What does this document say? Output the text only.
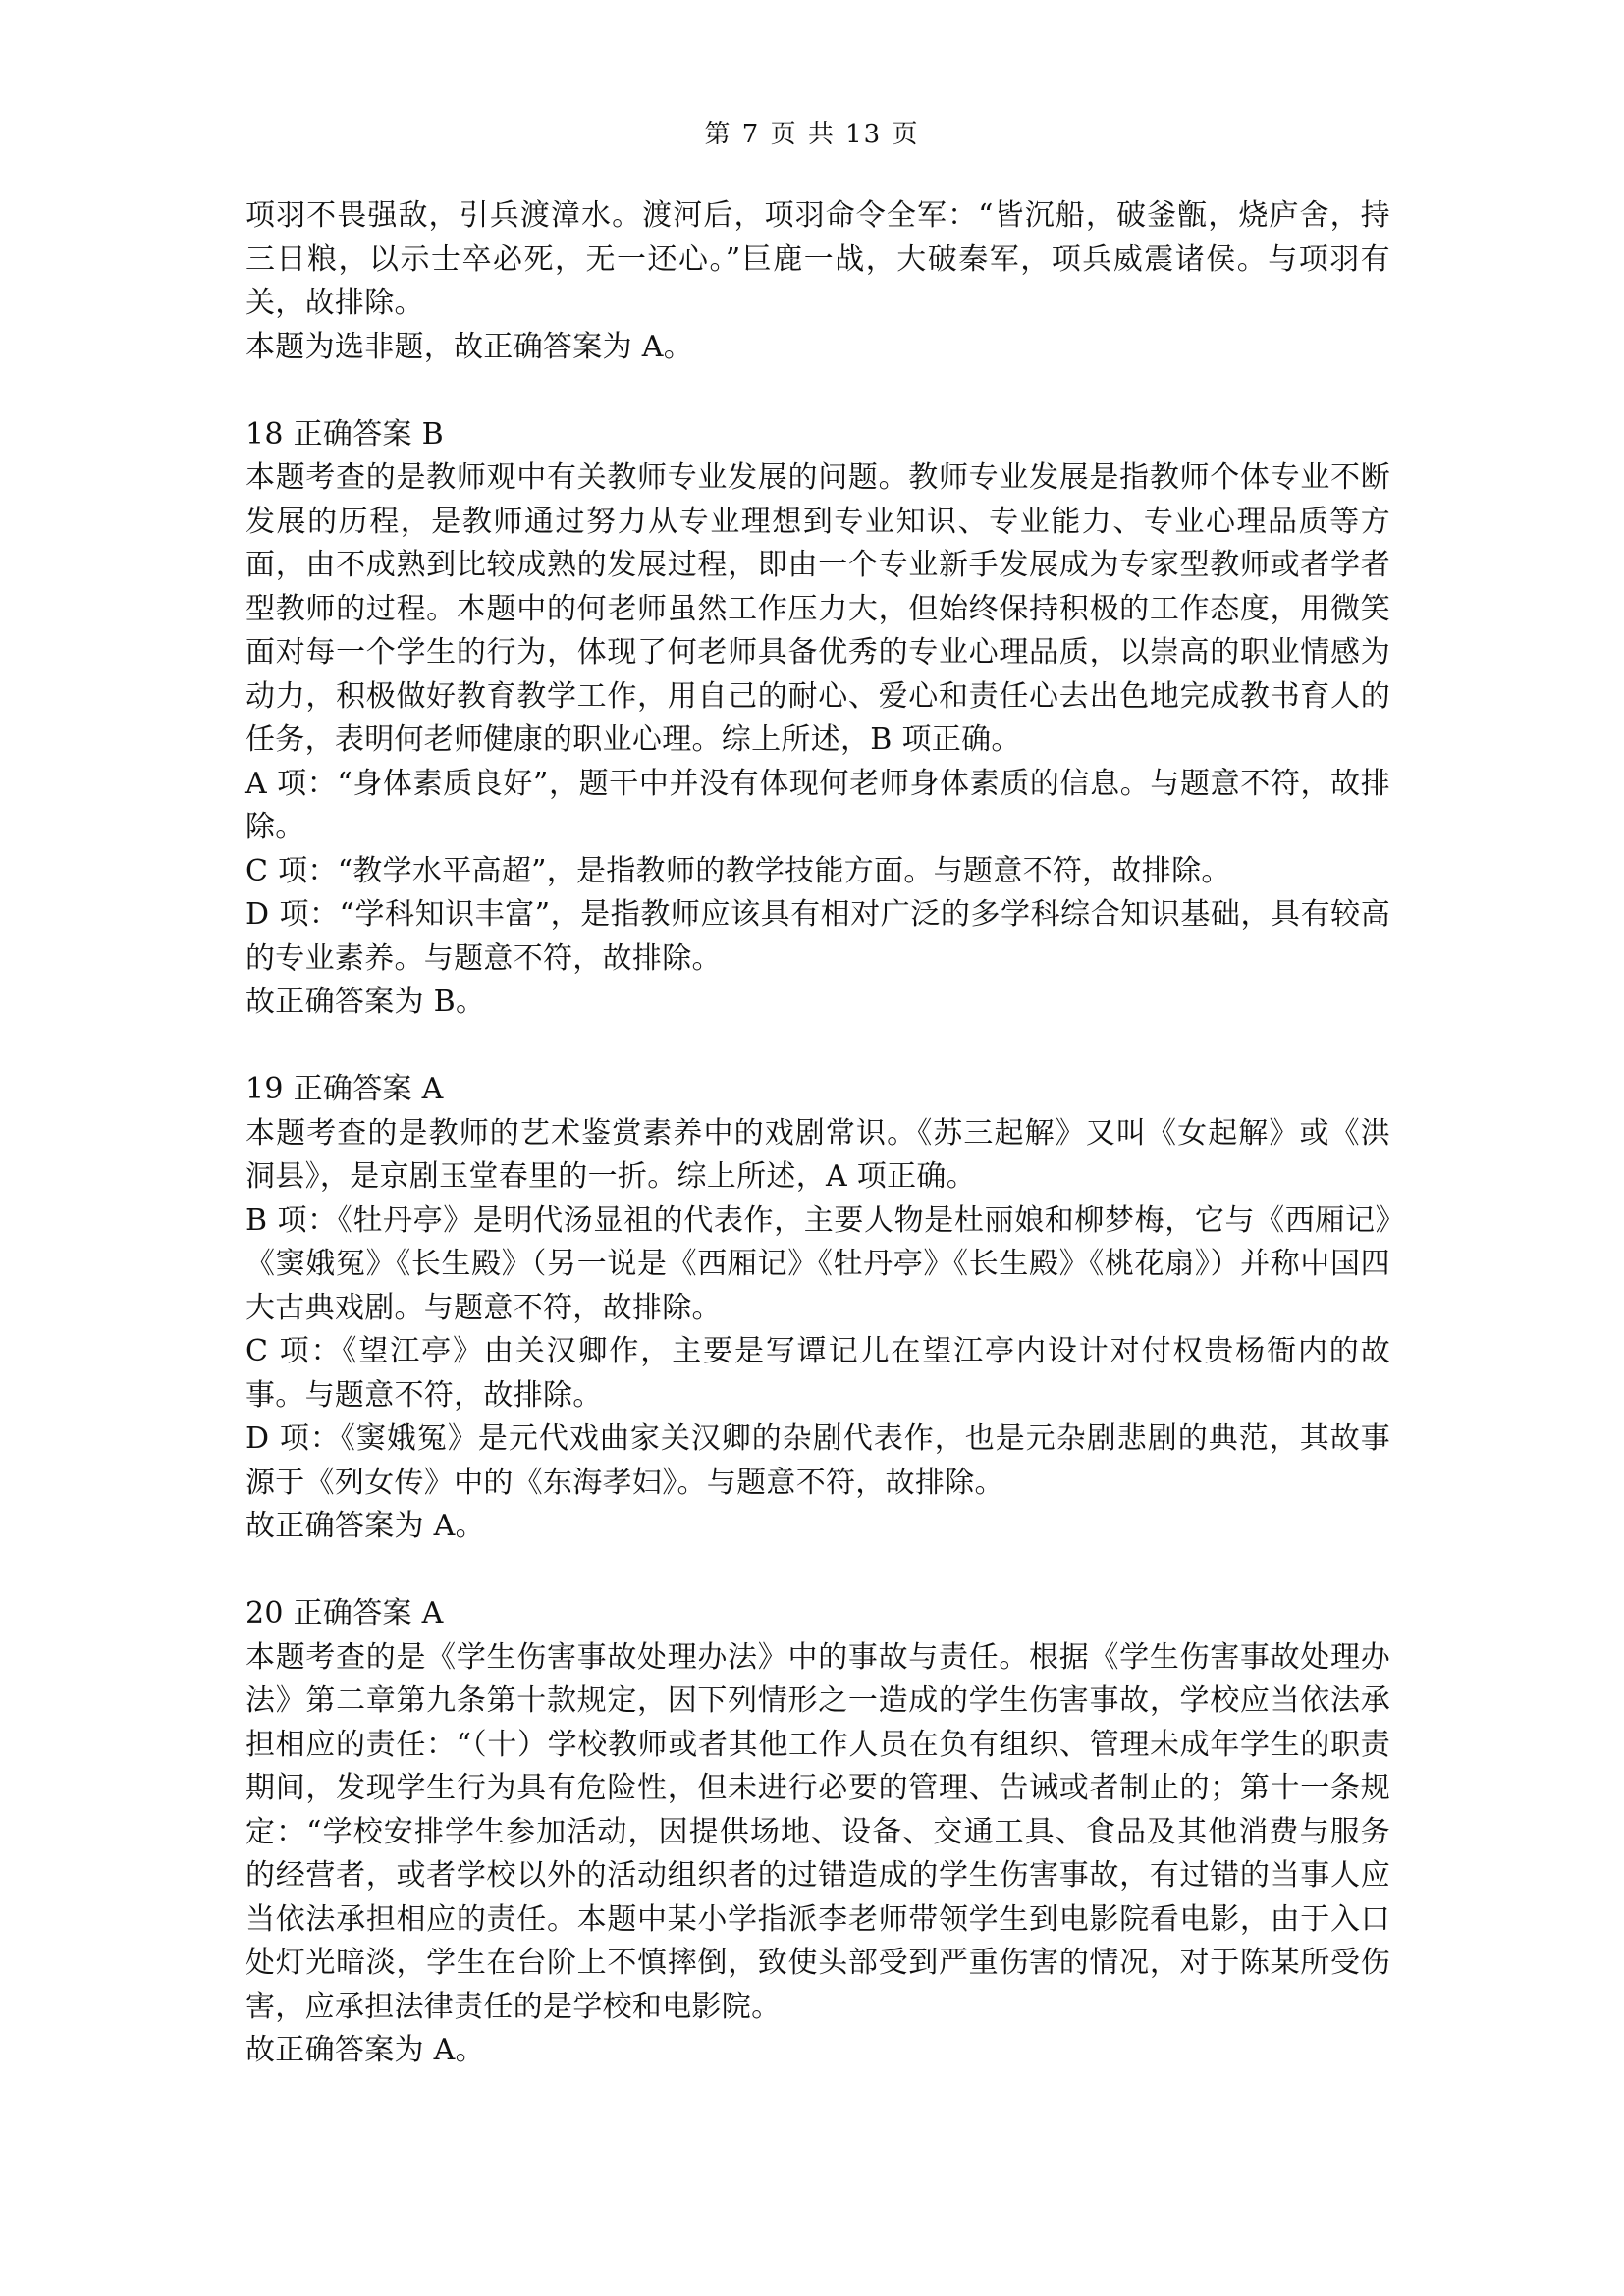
第 7 页 共 13 页

项羽不畏强敌，引兵渡漳水。渡河后，项羽命令全军：“皆沉船，破釜甑，烧庐舍，持三日粮，以示士卒必死，无一还心。”巨鹿一战，大破秦军，项兵威震诸侯。与项羽有关，故排除。

本题为选非题，故正确答案为 A。

18 正确答案 B

本题考查的是教师观中有关教师专业发展的问题。教师专业发展是指教师个体专业不断发展的历程，是教师通过努力从专业理想到专业知识、专业能力、专业心理品质等方面，由不成熟到比较成熟的发展过程，即由一个专业新手发展成为专家型教师或者学者型教师的过程。本题中的何老师虽然工作压力大，但始终保持积极的工作态度，用微笑面对每一个学生的行为，体现了何老师具备优秀的专业心理品质，以崇高的职业情感为动力，积极做好教育教学工作，用自己的耐心、爱心和责任心去出色地完成教书育人的任务，表明何老师健康的职业心理。综上所述，B 项正确。

A 项：“身体素质良好”，题干中并没有体现何老师身体素质的信息。与题意不符，故排除。

C 项：“教学水平高超”，是指教师的教学技能方面。与题意不符，故排除。

D 项：“学科知识丰富”，是指教师应该具有相对广泛的多学科综合知识基础，具有较高的专业素养。与题意不符，故排除。

故正确答案为 B。

19 正确答案 A

本题考查的是教师的艺术鉴赏素养中的戏剧常识。《苏三起解》又叫《女起解》或《洪洞县》，是京剧玉堂春里的一折。综上所述，A 项正确。

B 项：《牡丹亭》是明代汤显祖的代表作，主要人物是杜丽娘和柳梦梅，它与《西厢记》《窦娥冤》《长生殿》（另一说是《西厢记》《牡丹亭》《长生殿》《桃花扇》）并称中国四大古典戏剧。与题意不符，故排除。

C 项：《望江亭》由关汉卿作，主要是写谭记儿在望江亭内设计对付权贵杨衙内的故事。与题意不符，故排除。

D 项：《窦娥冤》是元代戏曲家关汉卿的杂剧代表作，也是元杂剧悲剧的典范，其故事源于《列女传》中的《东海孝妇》。与题意不符，故排除。

故正确答案为 A。

20 正确答案 A

本题考查的是《学生伤害事故处理办法》中的事故与责任。根据《学生伤害事故处理办法》第二章第九条第十款规定，因下列情形之一造成的学生伤害事故，学校应当依法承担相应的责任：“（十）学校教师或者其他工作人员在负有组织、管理未成年学生的职责期间，发现学生行为具有危险性，但未进行必要的管理、告诫或者制止的；第十一条规定：“学校安排学生参加活动，因提供场地、设备、交通工具、食品及其他消费与服务的经营者，或者学校以外的活动组织者的过错造成的学生伤害事故，有过错的当事人应当依法承担相应的责任。本题中某小学指派李老师带领学生到电影院看电影，由于入口处灯光暗淡，学生在台阶上不慎摔倒，致使头部受到严重伤害的情况，对于陈某所受伤害，应承担法律责任的是学校和电影院。

故正确答案为 A。
